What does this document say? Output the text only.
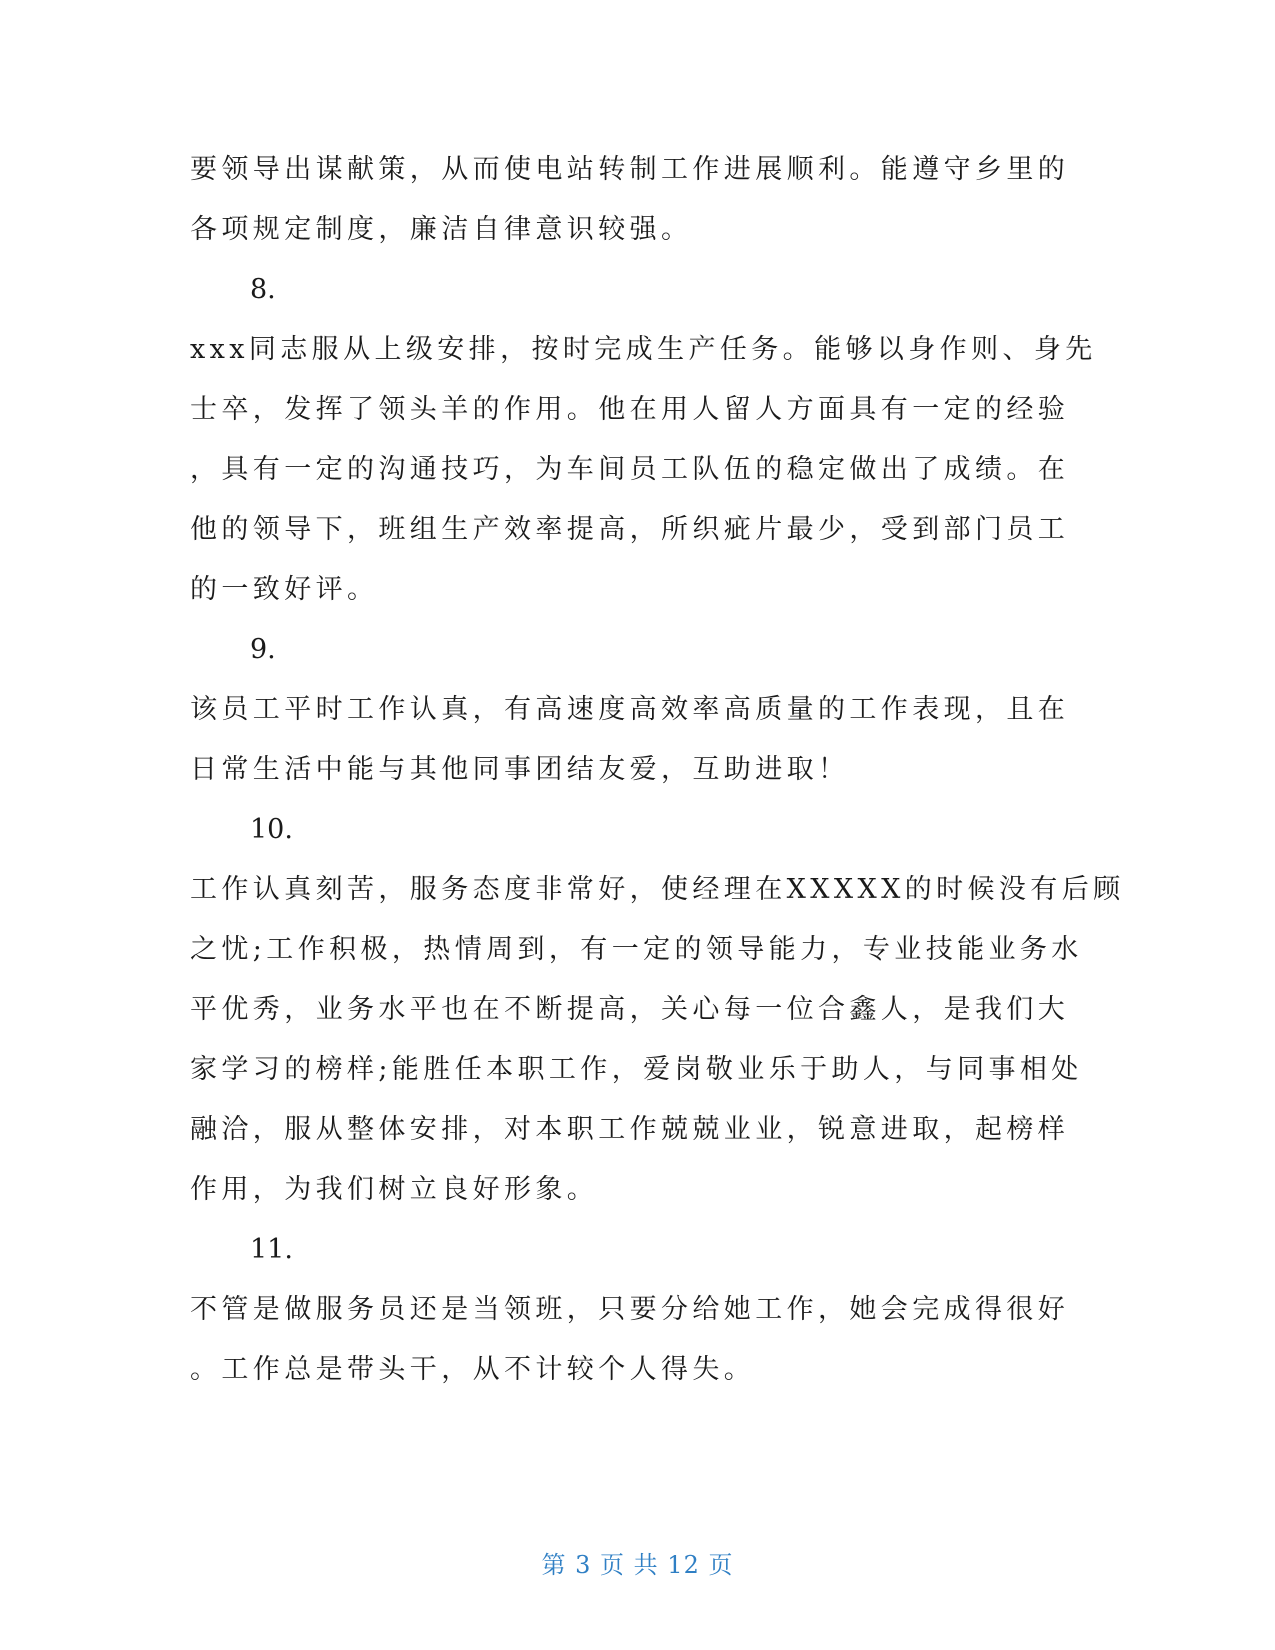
要领导出谋献策，从而使电站转制工作进展顺利。能遵守乡里的
各项规定制度，廉洁自律意识较强。
8.
xxx同志服从上级安排，按时完成生产任务。能够以身作则、身先
士卒，发挥了领头羊的作用。他在用人留人方面具有一定的经验
，具有一定的沟通技巧，为车间员工队伍的稳定做出了成绩。在
他的领导下，班组生产效率提高，所织疵片最少，受到部门员工
的一致好评。
9.
该员工平时工作认真，有高速度高效率高质量的工作表现，且在
日常生活中能与其他同事团结友爱，互助进取！
10.
工作认真刻苦，服务态度非常好，使经理在XXXXX的时候没有后顾
之忧;工作积极，热情周到，有一定的领导能力，专业技能业务水
平优秀，业务水平也在不断提高，关心每一位合鑫人，是我们大
家学习的榜样;能胜任本职工作，爱岗敬业乐于助人，与同事相处
融洽，服从整体安排，对本职工作兢兢业业，锐意进取，起榜样
作用，为我们树立良好形象。
11.
不管是做服务员还是当领班，只要分给她工作，她会完成得很好
。工作总是带头干，从不计较个人得失。
第 3 页 共 12 页
